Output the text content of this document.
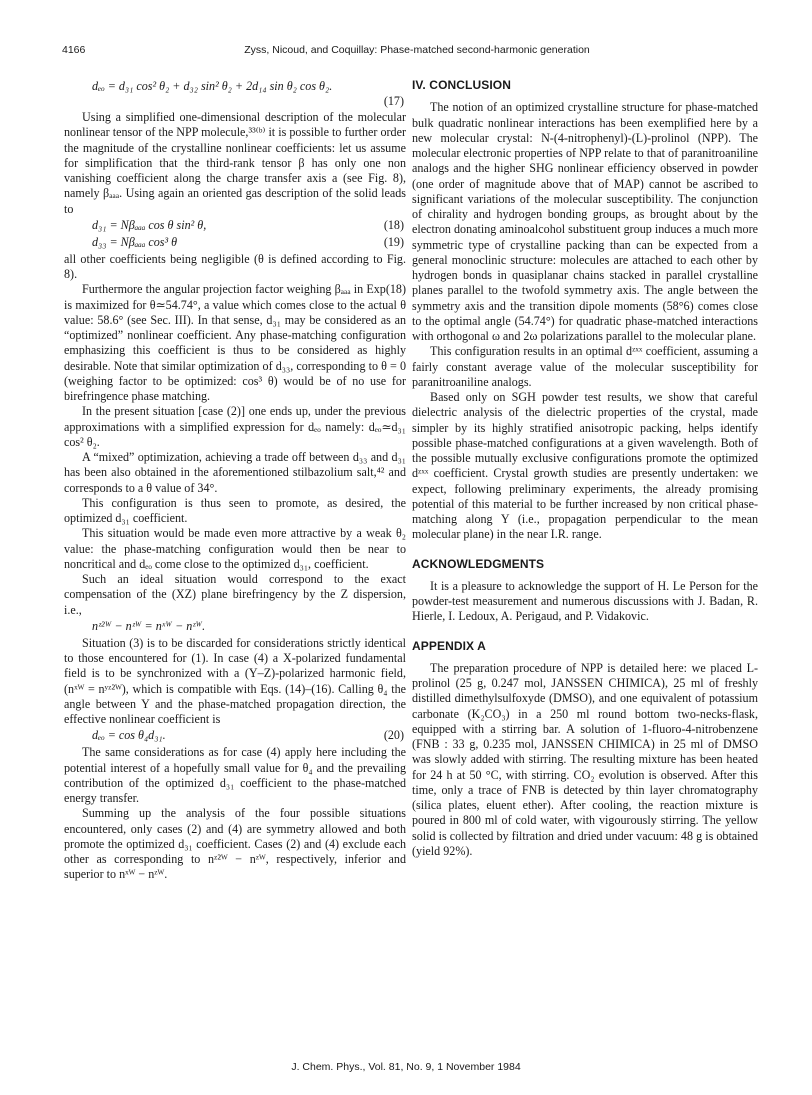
4166	Zyss, Nicoud, and Coquillay: Phase-matched second-harmonic generation
dₑₒ = d₃₁ cos² θ₂ + d₃₂ sin² θ₂ + 2d₁₄ sin θ₂ cos θ₂.
(17)

Using a simplified one-dimensional description of the molecular nonlinear tensor of the NPP molecule,³³⁽ᵇ⁾ it is possible to further order the magnitude of the crystalline nonlinear coefficients: let us assume for simplification that the third-rank tensor β has only one non vanishing coefficient along the charge transfer axis a (see Fig. 8), namely βₐₐₐ. Using again an oriented gas description of the solid leads to

d₃₁ = Nβₐₐₐ cos θ sin² θ,	(18)
d₃₃ = Nβₐₐₐ cos³ θ	(19)

all other coefficients being negligible (θ is defined according to Fig. 8).

Furthermore the angular projection factor weighing βₐₐₐ in Exp(18) is maximized for θ≃54.74°, a value which comes close to the actual θ value: 58.6° (see Sec. III). In that sense, d₃₁ may be considered as an “optimized” nonlinear coefficient. Any phase-matching configuration emphasizing this coefficient is thus to be considered as highly desirable. Note that similar optimization of d₃₃, corresponding to θ = 0 (weighing factor to be optimized: cos³ θ) would be of no use for birefringence phase matching.

In the present situation [case (2)] one ends up, under the previous approximations with a simplified expression for dₑₒ namely: dₑₒ≃d₃₁ cos² θ₂.

A “mixed” optimization, achieving a trade off between d₃₃ and d₃₁ has been also obtained in the aforementioned stilbazolium salt,⁴² and corresponds to a θ value of 34°.

This configuration is thus seen to promote, as desired, the optimized d₃₁ coefficient.

This situation would be made even more attractive by a weak θ₂ value: the phase-matching configuration would then be near to noncritical and dₑₒ come close to the optimized d₃₁, coefficient.

Such an ideal situation would correspond to the exact compensation of the (XZ) plane birefringency by the Z dispersion, i.e.,

nᶻ²ᵂ − nᶻᵂ = nˣᵂ − nᶻᵂ.

Situation (3) is to be discarded for considerations strictly identical to those encountered for (1). In case (4) a X-polarized fundamental field is to be synchronized with a (Y–Z)-polarized harmonic field, (nˣᵂ = nʸᶻ²ᵂ), which is compatible with Eqs. (14)–(16). Calling θ₄ the angle between Y and the phase-matched propagation direction, the effective nonlinear coefficient is

dₑₒ = cos θ₄d₃₁.	(20)

The same considerations as for case (4) apply here including the potential interest of a hopefully small value for θ₄ and the prevailing contribution of the optimized d₃₁ coefficient to the phase-matched energy transfer.

Summing up the analysis of the four possible situations encountered, only cases (2) and (4) are symmetry allowed and both promote the optimized d₃₁ coefficient. Cases (2) and (4) exclude each other as corresponding to nᶻ²ᵂ − nᶻᵂ, respectively, inferior and superior to nˣᵂ − nᶻᵂ.

IV. CONCLUSION

The notion of an optimized crystalline structure for phase-matched bulk quadratic nonlinear interactions has been exemplified here by a new molecular crystal: N-(4-nitrophenyl)-(L)-prolinol (NPP). The molecular electronic properties of NPP relate to that of paranitroaniline analogs and the higher SHG nonlinear efficiency observed in powder (one order of magnitude above that of MAP) cannot be ascribed to significant variations of the molecular susceptibility. The conjunction of chirality and hydrogen bonding groups, as brought about by the electron donating aminoalcohol substituent group induces a much more symmetric type of crystalline packing than can be expected from a general monoclinic structure: molecules are attached to each other by hydrogen bonds in quasiplanar chains stacked in parallel crystalline planes parallel to the twofold symmetry axis. The angle between the symmetry axis and the transition dipole moments (58°6) comes close to the optimal angle (54.74°) for quadratic phase-matched interactions with orthogonal ω and 2ω polarizations parallel to the molecular plane.

This configuration results in an optimal dᶻˣˣ coefficient, assuming a fairly constant average value of the molecular susceptibility for paranitroaniline analogs.

Based only on SGH powder test results, we show that careful dielectric analysis of the dielectric properties of the crystal, made simpler by its highly stratified anisotropic packing, helps identify possible phase-matched configurations at a given wavelength. Both of the possible mutually exclusive configurations promote the optimized dᶻˣˣ coefficient. Crystal growth studies are presently undertaken: we expect, following preliminary experiments, the already promising potential of this material to be further increased by non critical phase-matching along Y (i.e., propagation perpendicular to the mean molecular plane) in the near I.R. range.

ACKNOWLEDGMENTS

It is a pleasure to acknowledge the support of H. Le Person for the powder-test measurement and numerous discussions with J. Badan, R. Hierle, I. Ledoux, A. Perigaud, and P. Vidakovic.

APPENDIX A

The preparation procedure of NPP is detailed here: we placed L-prolinol (25 g, 0.247 mol, JANSSEN CHIMICA), 25 ml of freshly distilled dimethylsulfoxyde (DMSO), and one equivalent of potassium carbonate (K₂CO₃) in a 250 ml round bottom two-necks-flask, equipped with a stirring bar. A solution of 1-fluoro-4-nitrobenzene (FNB : 33 g, 0.235 mol, JANSSEN CHIMICA) in 25 ml of DMSO was slowly added with stirring. The resulting mixture has been heated for 24 h at 50 °C, with stirring. CO₂ evolution is observed. After this time, only a trace of FNB is detected by thin layer chromatography (silica plates, eluent ether). After cooling, the reaction mixture is poured in 800 ml of cold water, with vigourously stirring. The yellow solid is collected by filtration and dried under vacuum: 48 g is obtained (yield 92%).

J. Chem. Phys., Vol. 81, No. 9, 1 November 1984
